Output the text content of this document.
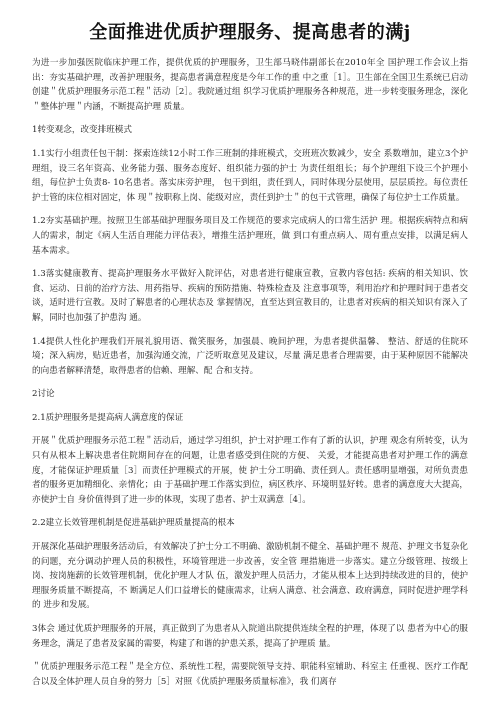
全面推进优质护理服务、提高患者的满j

为进一步加强医院临床护理工作，提供优质的护理服务，卫生部马晓伟副部长在2010年全 国护理工作会议上指出：夯实基础护理，改善护理服务，提高患者满意程度是今年工作的重 中之重［1］。卫生部在全国卫生系统已启动创建＂优质护理服务示范工程＂活动［2］。我院通过组 织学习优质护理服务各种规范，进一步转变服务理念，深化＂整体护理＂内涵，不断提高护理 质量。

1转变观念，改变排班模式

1.1实行小组责任包干制：探索连续12小时工作三班制的排班模式，交班班次数减少，安全 系数增加，建立3个护理组，设三名年资高、业务能力强、服务态度好、组织能力强的护士 为责任组组长；每个护理组下设三个护理小组，每位护士负责8- 10名患者。落实床旁护理， 包干到组，责任到人，同时体现分层使用，层层质控。每位责任护士管的床位相对固定，体 现＂按职称上岗、能级对应，责任到护士＂的包干式管理，确保了每位护士工作质量。

1.2夯实基础护理。按照卫生部基础护理服务项目及工作规范的要求完成病人的口常生活护 理。根据疾病特点和病人的需求，制定《病人生活自理能力评估表》，增推生活护理班，做 到口有重点病人、周有重点安排，以满足病人基本需求。

1.3落实健康教育、提高护理服务水平做好入院评估，对患者进行健康宣教，宣教内容包括: 疾病的相关知识、饮食、运动、日前的治疗方法、用药指导、疾病的预防措施、特殊检查及 注意事项等，利用治疗和护理时间于患者交谈，适时进行宣教。及时了解患者的心理状态及 掌握情况，直至达到宣教目的，让患者对疾病的相关知识有深入了解，同时也加强了护患沟 通。

1.4提供人性化护理我们开展礼貌用语、微笑服务，加强晨、晚间护理，为患者提供温馨、 整洁、舒适的住院环境；深入病房，贴近患者，加强沟通交流，广泛听取意见及建议，尽量 满足患者合理需要，由于某种原因不能解决的向患者解释清楚，取得患者的信赖、理解、配 合和支持。

2讨论

2.1质护理服务是提高病人满意度的保证

开展＂优质护理服务示范工程＂活动后，通过学习组织，护士对护理工作有了新的认识，护理 观念有所转变，认为只有从根本上解决患者住院期间存在的问题，让患者感受到住院的方便、 关爱，才能提高患者对护理工作的满意度，才能保证护理质量［3］而责任护理模式的开展，使 护士分工明确、责任到人。责任感明显增强，对所负责患者的服务更加精细化、亲情化；由 于基础护理工作落实到位，病区秩序、环境明显好转。患者的满意度大大提高，亦使护士自 身价值得到了进一步的体现，实现了患者、护士双满意［4］。

2.2建立长效管理机制是促进基础护理质量提高的根本

开展深化基础护理服务活动后，有效解决了护士分工不明确、激励机制不健全、基础护理不 规范、护理文书复杂化的问题，充分调动护理人员的积极性，环境管理进一步改善，安全管 理措施进一步落实。建立分级管理、按级上岗、按岗施薪的长效管理机制，优化护理人才队 伍，激发护理人员活力，才能从根本上达到持续改进的目的，使护理服务质量不断提高，不 断满足人们口益增长的健康需求，让病人满意、社会满意、政府满意，同时促进护理学科的 进步和发展。

3体会 通过优质护理服务的开展，真正做到了为患者从入院道出院提供连续全程的护理，体现了以 患者为中心的服务理念，满足了患者及家属的需要，构建了和谐的护患关系，提高了护理质 量。

＂优质护理服务示范工程＂是全方位、系统性工程，需要院领导支持、职能科室辅助、科室主 任重视、医疗工作配合以及全体护理人员自身的努力［5］对照《优质护理服务质量标准》，我 们离存
